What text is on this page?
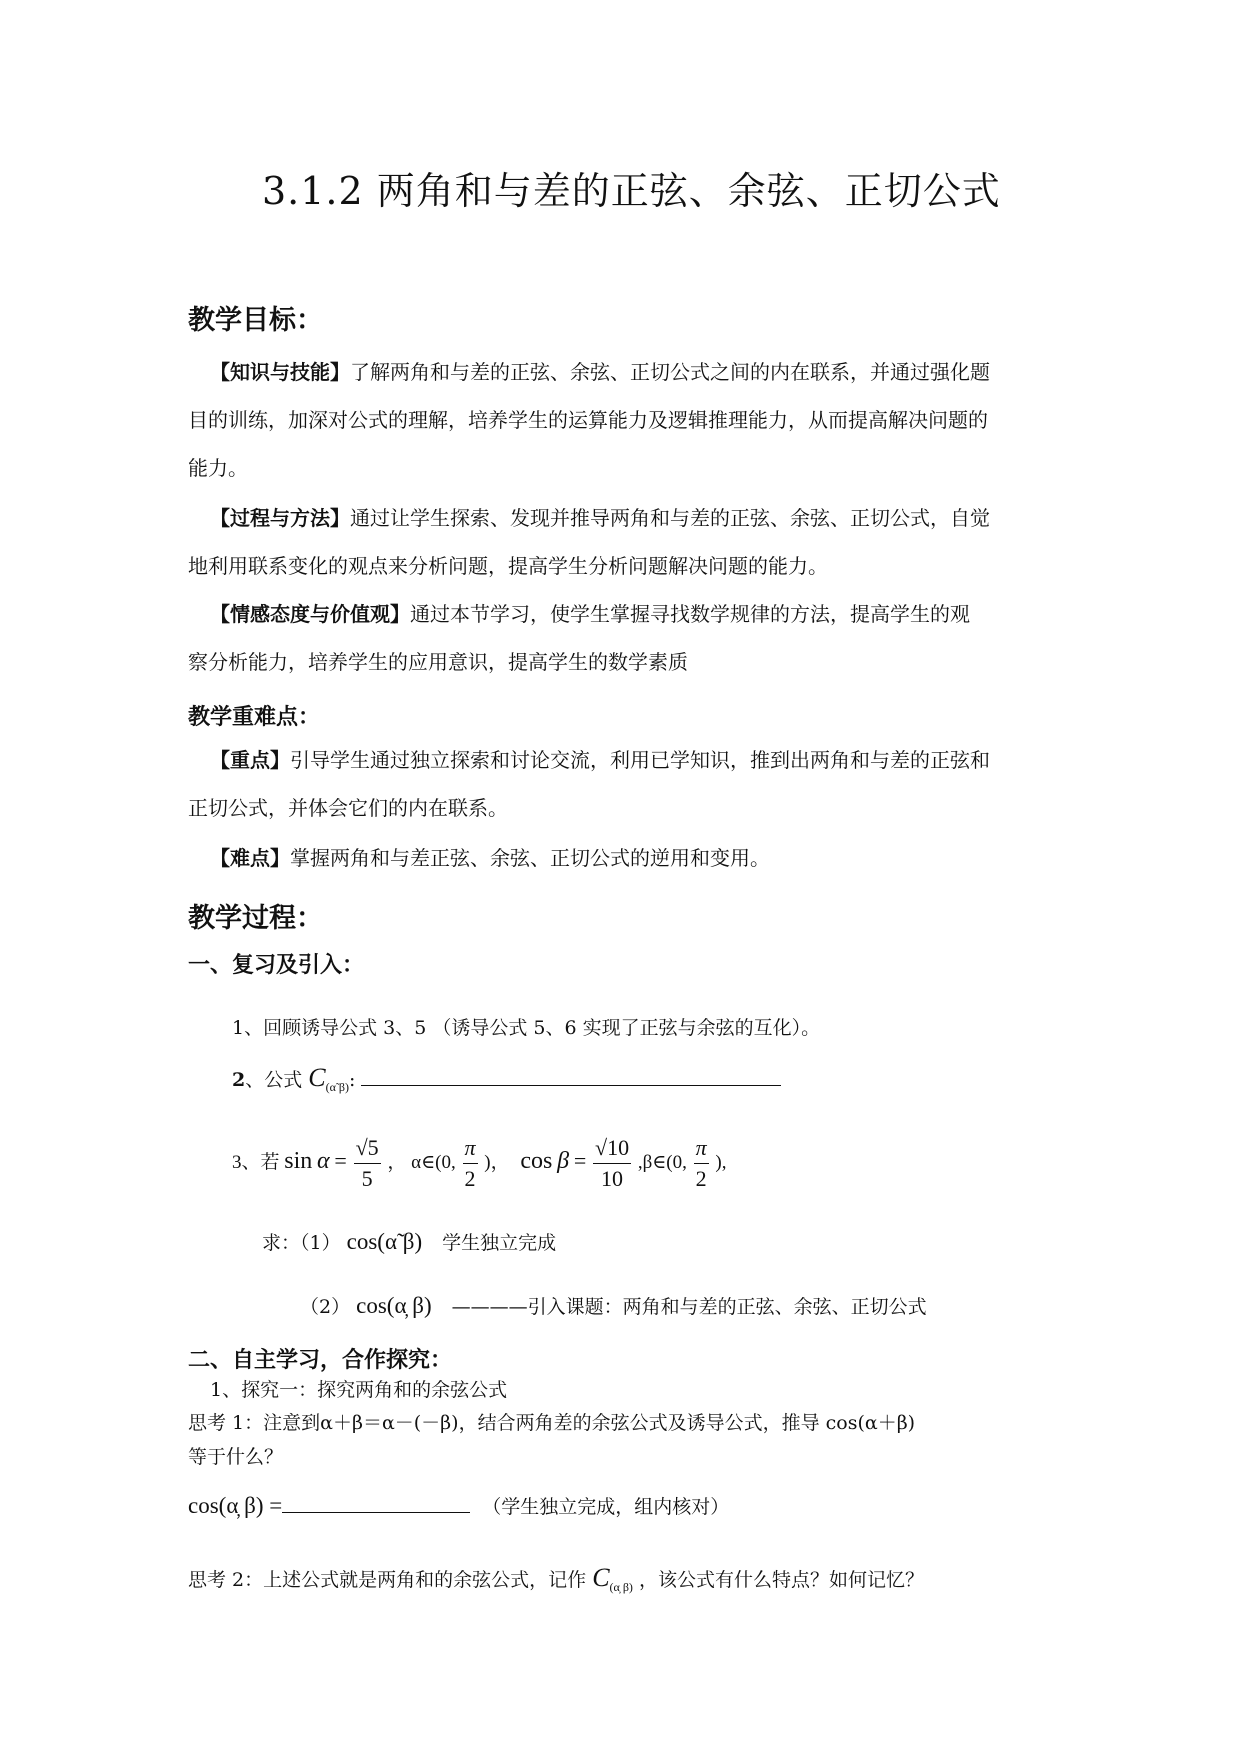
3.1.2 两角和与差的正弦、余弦、正切公式
教学目标：
【知识与技能】了解两角和与差的正弦、余弦、正切公式之间的内在联系，并通过强化题
目的训练，加深对公式的理解，培养学生的运算能力及逻辑推理能力，从而提高解决问题的
能力。
【过程与方法】通过让学生探索、发现并推导两角和与差的正弦、余弦、正切公式，自觉
地利用联系变化的观点来分析问题，提高学生分析问题解决问题的能力。
【情感态度与价值观】通过本节学习，使学生掌握寻找数学规律的方法，提高学生的观
察分析能力，培养学生的应用意识，提高学生的数学素质
教学重难点：
【重点】引导学生通过独立探索和讨论交流，利用已学知识，推到出两角和与差的正弦和
正切公式，并体会它们的内在联系。
【难点】掌握两角和与差正弦、余弦、正切公式的逆用和变用。
教学过程：
一、复习及引入：
1、回顾诱导公式 3、5 （诱导公式 5、6 实现了正弦与余弦的互化）。
2、公式 $C_{(\alphã \beta)}$:
3、若 $\sin \alpha = \frac{√5}{5}$ ， α∈(0, $\frac{\pi}{2}$ )， $\cos \beta = \frac{√10}{10}$ ,β∈(0, $\frac{\pi}{2}$ ),
求：（1） cos(α̃ β) 学生独立完成
（2） cos(α̦ β) ————引入课题：两角和与差的正弦、余弦、正切公式
二、自主学习，合作探究：
1、探究一：探究两角和的余弦公式
思考 1：注意到α＋β＝α－(－β)，结合两角差的余弦公式及诱导公式，推导 cos(α＋β)
等于什么？
cos(α̦ β) =	（学生独立完成，组内核对）
思考 2：上述公式就是两角和的余弦公式，记作 $C_{(\alpha̦ \beta)}$ ，该公式有什么特点？如何记忆？
